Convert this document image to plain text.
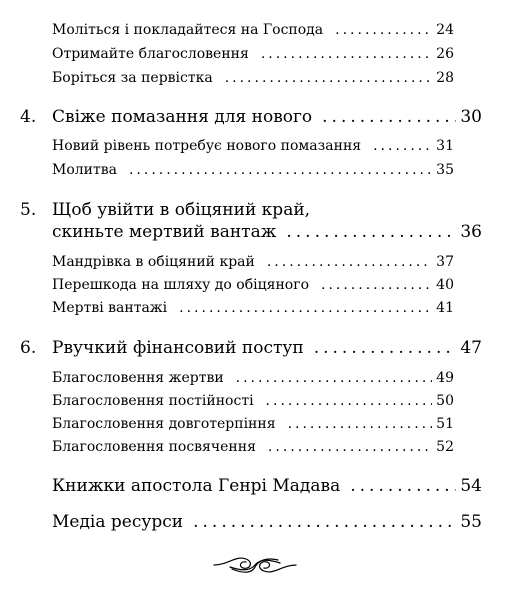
Моліться і покладайтеся на Господа .....	24
Отримайте благословення .....	26
Боріться за первістка .....	28
4. Свіже помазання для нового .....	30
Новий рівень потребує нового помазання .....	31
Молитва .....	35
5. Щоб увійти в обіцяний край,
скиньте мертвий вантаж .....	36
Мандрівка в обіцяний край .....	37
Перешкода на шляху до обіцяного .....	40
Мертві вантажі .....	41
6. Рвучкий фінансовий поступ .....	47
Благословення жертви .....	49
Благословення постійності .....	50
Благословення довготерпіння .....	51
Благословення посвячення .....	52
Книжки апостола Генрі Мадава .....	54
Медіа ресурси .....	55
